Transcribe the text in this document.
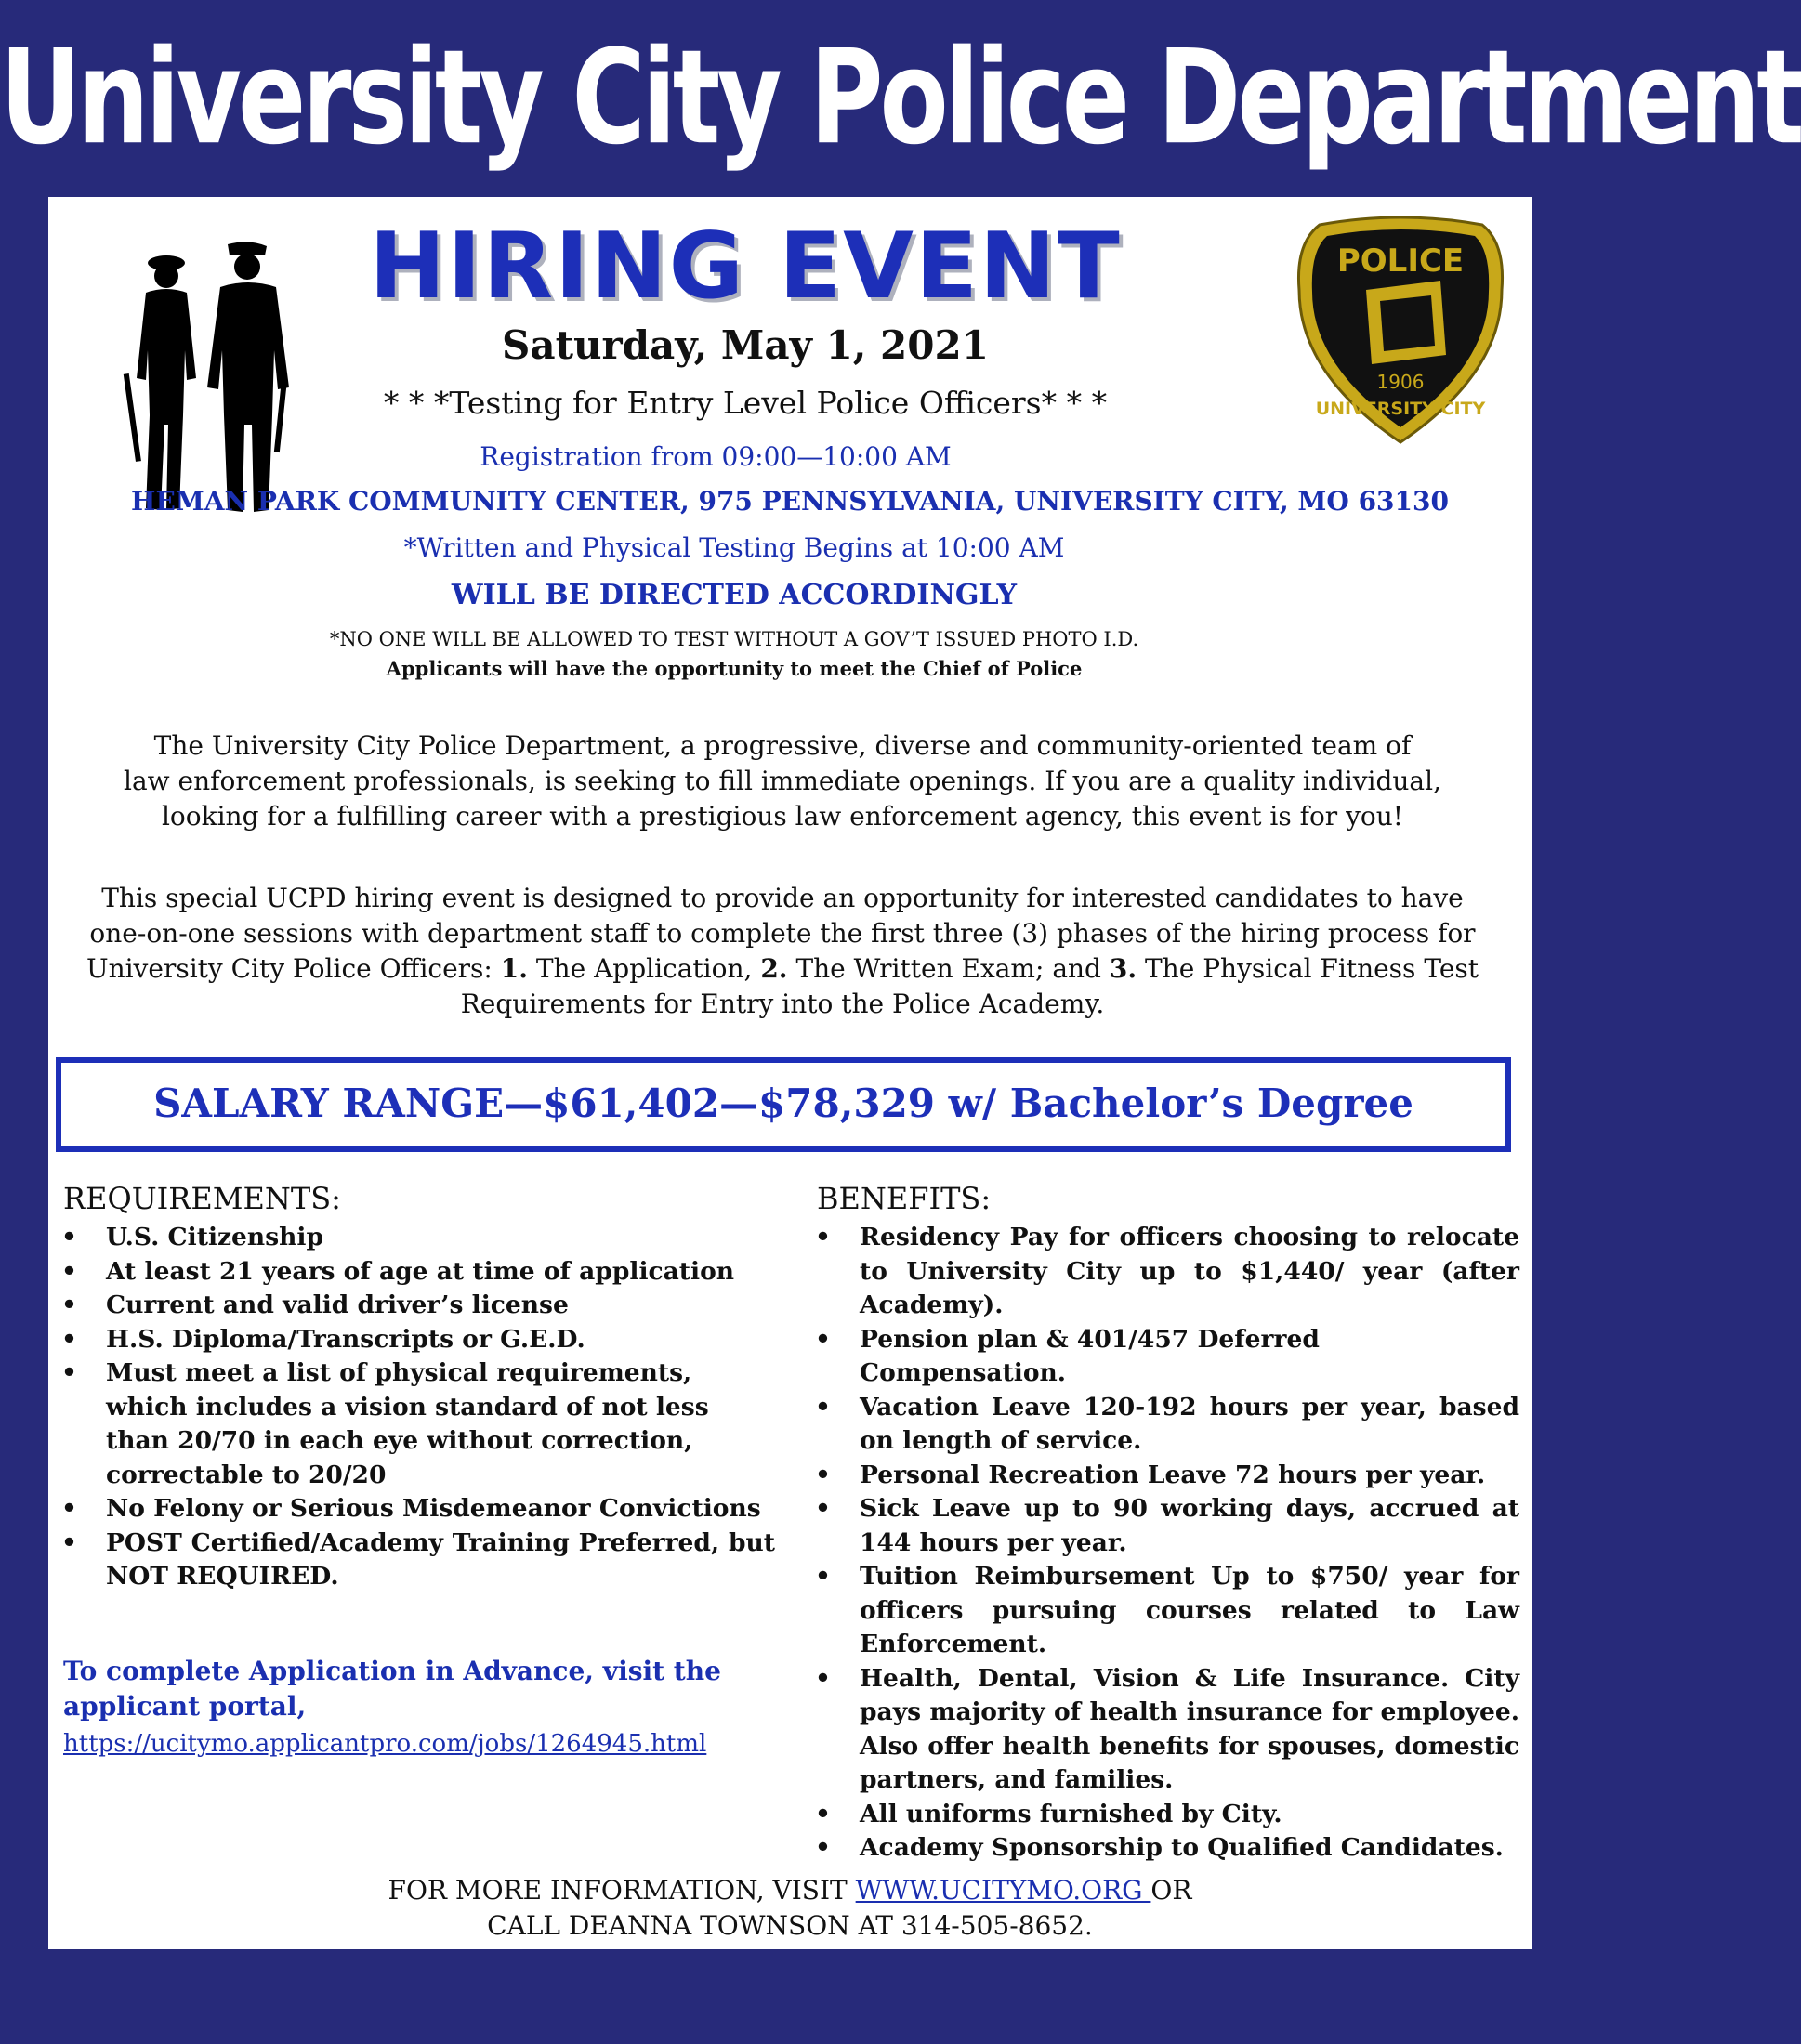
University City Police Department
POLICE
1906
UNIVERSITY CITY
HIRING EVENT
Saturday, May 1, 2021
* * *Testing for Entry Level Police Officers* * *
Registration from 09:00—10:00 AM
HEMAN PARK COMMUNITY CENTER, 975 PENNSYLVANIA, UNIVERSITY CITY, MO 63130
*Written and Physical Testing Begins at 10:00 AM
WILL BE DIRECTED ACCORDINGLY
*NO ONE WILL BE ALLOWED TO TEST WITHOUT A GOV’T ISSUED PHOTO I.D.
Applicants will have the opportunity to meet the Chief of Police
The University City Police Department, a progressive, diverse and community-oriented team of
law enforcement professionals, is seeking to fill immediate openings. If you are a quality individual,
looking for a fulfilling career with a prestigious law enforcement agency, this event is for you!
This special UCPD hiring event is designed to provide an opportunity for interested candidates to have
one-on-one sessions with department staff to complete the first three (3) phases of the hiring process for
University City Police Officers: 1. The Application, 2. The Written Exam; and 3. The Physical Fitness Test
Requirements for Entry into the Police Academy.
SALARY RANGE—$61,402—$78,329 w/ Bachelor’s Degree
REQUIREMENTS:
• U.S. Citizenship
• At least 21 years of age at time of application
• Current and valid driver’s license
• H.S. Diploma/Transcripts or G.E.D.
• Must meet a list of physical requirements, which includes a vision standard of not less than 20/70 in each eye without correction, correctable to 20/20
• No Felony or Serious Misdemeanor Convictions
• POST Certified/Academy Training Preferred, but NOT REQUIRED.
BENEFITS:
• Residency Pay for officers choosing to relocate to University City up to $1,440/ year (after Academy).
• Pension plan & 401/457 Deferred Compensation.
• Vacation Leave 120-192 hours per year, based on length of service.
• Personal Recreation Leave 72 hours per year.
• Sick Leave up to 90 working days, accrued at 144 hours per year.
• Tuition Reimbursement Up to $750/ year for officers pursuing courses related to Law Enforcement.
• Health, Dental, Vision & Life Insurance. City pays majority of health insurance for employee. Also offer health benefits for spouses, domestic partners, and families.
• All uniforms furnished by City.
• Academy Sponsorship to Qualified Candidates.
To complete Application in Advance, visit the applicant portal,
https://ucitymo.applicantpro.com/jobs/1264945.html
FOR MORE INFORMATION, VISIT WWW.UCITYMO.ORG OR
CALL DEANNA TOWNSON AT 314-505-8652.
